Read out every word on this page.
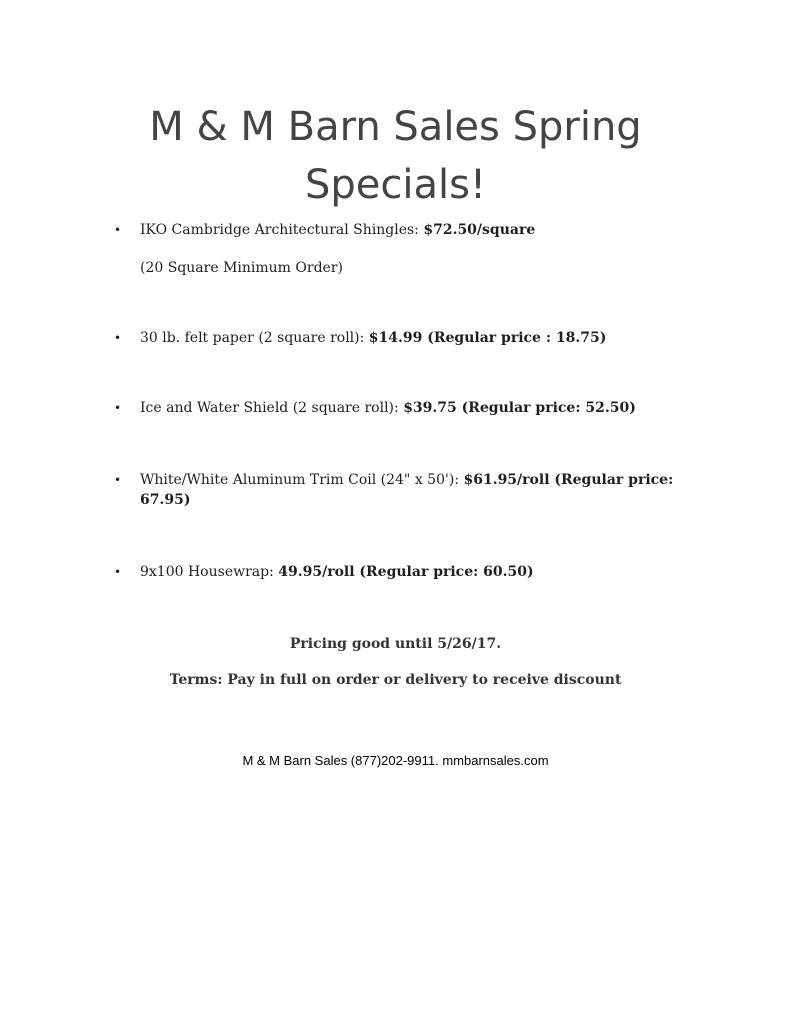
M & M Barn Sales Spring Specials!
• IKO Cambridge Architectural Shingles: $72.50/square
• 30 lb. felt paper (2 square roll): $14.99 (Regular price : 18.75)
• Ice and Water Shield (2 square roll): $39.75 (Regular price: 52.50)
• White/White Aluminum Trim Coil (24" x 50'): $61.95/roll (Regular price: 67.95)
• 9x100 Housewrap: 49.95/roll (Regular price: 60.50)
(20 Square Minimum Order)
Pricing good until 5/26/17.
Terms: Pay in full on order or delivery to receive discount
M & M Barn Sales (877)202-9911. mmbarnsales.com
